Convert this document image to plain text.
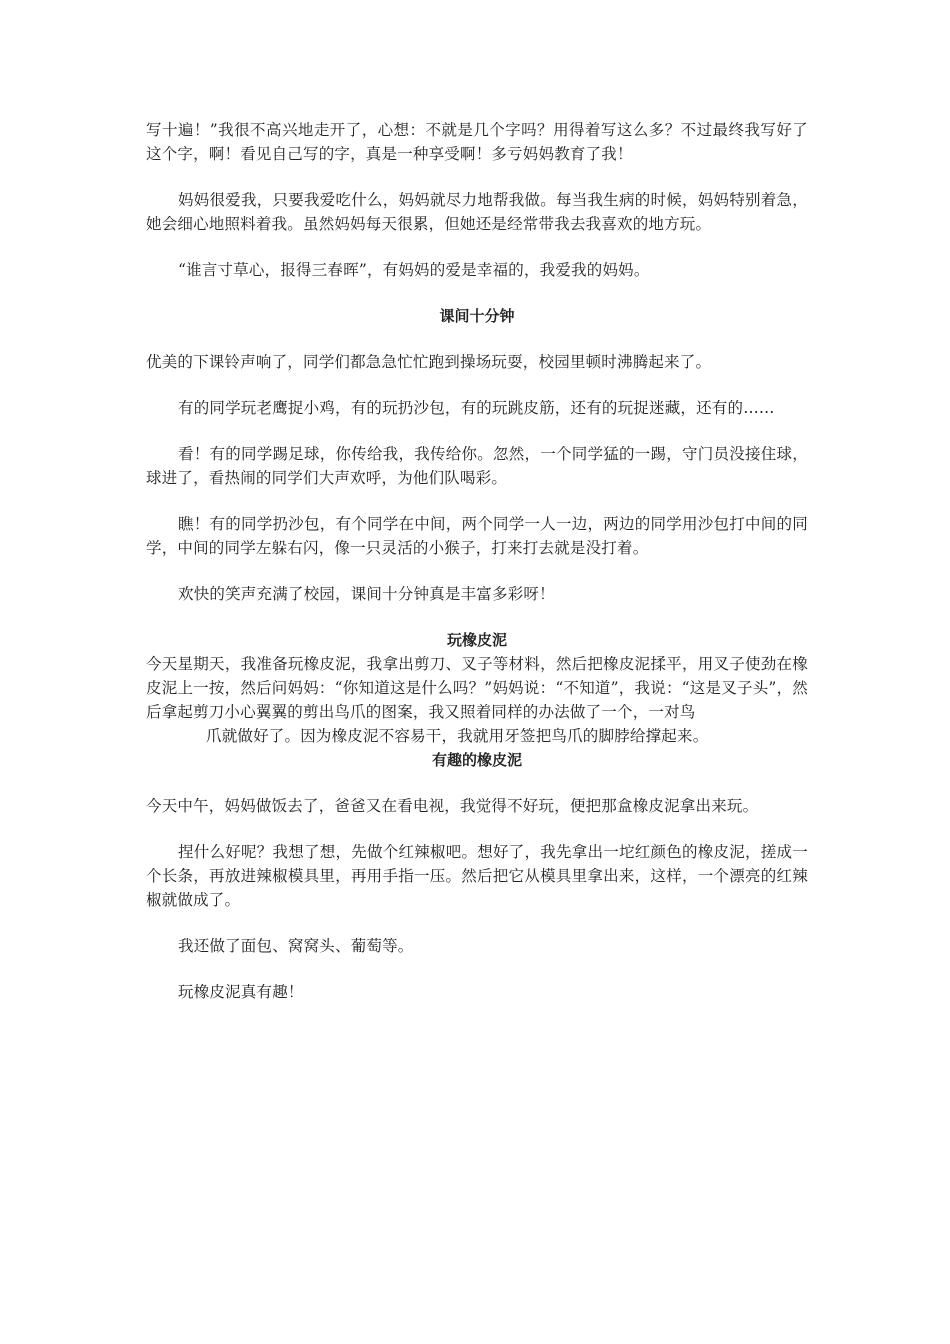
写十遍！”我很不高兴地走开了，心想：不就是几个字吗？用得着写这么多？不过最终我写好了这个字，啊！看见自己写的字，真是一种享受啊！多亏妈妈教育了我！

妈妈很爱我，只要我爱吃什么，妈妈就尽力地帮我做。每当我生病的时候，妈妈特别着急，她会细心地照料着我。虽然妈妈每天很累，但她还是经常带我去我喜欢的地方玩。

“谁言寸草心，报得三春晖”，有妈妈的爱是幸福的，我爱我的妈妈。

课间十分钟

优美的下课铃声响了，同学们都急急忙忙跑到操场玩耍，校园里顿时沸腾起来了。

有的同学玩老鹰捉小鸡，有的玩扔沙包，有的玩跳皮筋，还有的玩捉迷藏，还有的……

看！有的同学踢足球，你传给我，我传给你。忽然，一个同学猛的一踢，守门员没接住球，球进了，看热闹的同学们大声欢呼，为他们队喝彩。

瞧！有的同学扔沙包，有个同学在中间，两个同学一人一边，两边的同学用沙包打中间的同学，中间的同学左躲右闪，像一只灵活的小猴子，打来打去就是没打着。

欢快的笑声充满了校园，课间十分钟真是丰富多彩呀！

玩橡皮泥

今天星期天，我准备玩橡皮泥，我拿出剪刀、叉子等材料，然后把橡皮泥揉平，用叉子使劲在橡皮泥上一按，然后问妈妈：“你知道这是什么吗？”妈妈说：“不知道”，我说：“这是叉子头”，然后拿起剪刀小心翼翼的剪出鸟爪的图案，我又照着同样的办法做了一个，一对鸟

爪就做好了。因为橡皮泥不容易干，我就用牙签把鸟爪的脚脖给撑起来。

有趣的橡皮泥

今天中午，妈妈做饭去了，爸爸又在看电视，我觉得不好玩，便把那盒橡皮泥拿出来玩。

捏什么好呢？我想了想，先做个红辣椒吧。想好了，我先拿出一坨红颜色的橡皮泥，搓成一个长条，再放进辣椒模具里，再用手指一压。然后把它从模具里拿出来，这样，一个漂亮的红辣椒就做成了。

我还做了面包、窝窝头、葡萄等。

玩橡皮泥真有趣！
